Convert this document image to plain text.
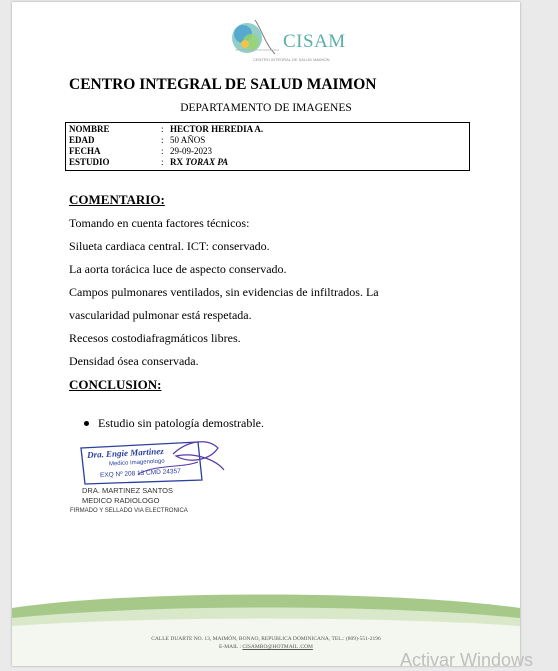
CISAM
CENTRO INTEGRAL DE SALUD MAIMON
CENTRO INTEGRAL DE SALUD MAIMON
DEPARTAMENTO DE IMAGENES
NOMBRE	: HECTOR HEREDIA A.
EDAD	: 50 AÑOS
FECHA	: 29-09-2023
ESTUDIO	: RX TORAX PA
COMENTARIO:
Tomando en cuenta factores técnicos:
Silueta cardiaca central. ICT: conservado.
La aorta torácica luce de aspecto conservado.
Campos pulmonares ventilados, sin evidencias de infiltrados. La
vascularidad pulmonar está respetada.
Recesos costodiafragmáticos libres.
Densidad ósea conservada.
CONCLUSION:
Estudio sin patología demostrable.
Dra. Engie Martinez
Medico Imagenologo
EXQ Nº 208 13 CMD 24357
DRA. MARTINEZ SANTOS
MEDICO RADIOLOGO
FIRMADO Y SELLADO VIA ELECTRONICA
CALLE DUARTE NO. 13, MAIMÓN, BONAO, REPUBLICA DOMINICANA, TEL.: (809)-551-2196
E-MAIL : CISAMBO@HOTMAIL .COM
Activar Windows
